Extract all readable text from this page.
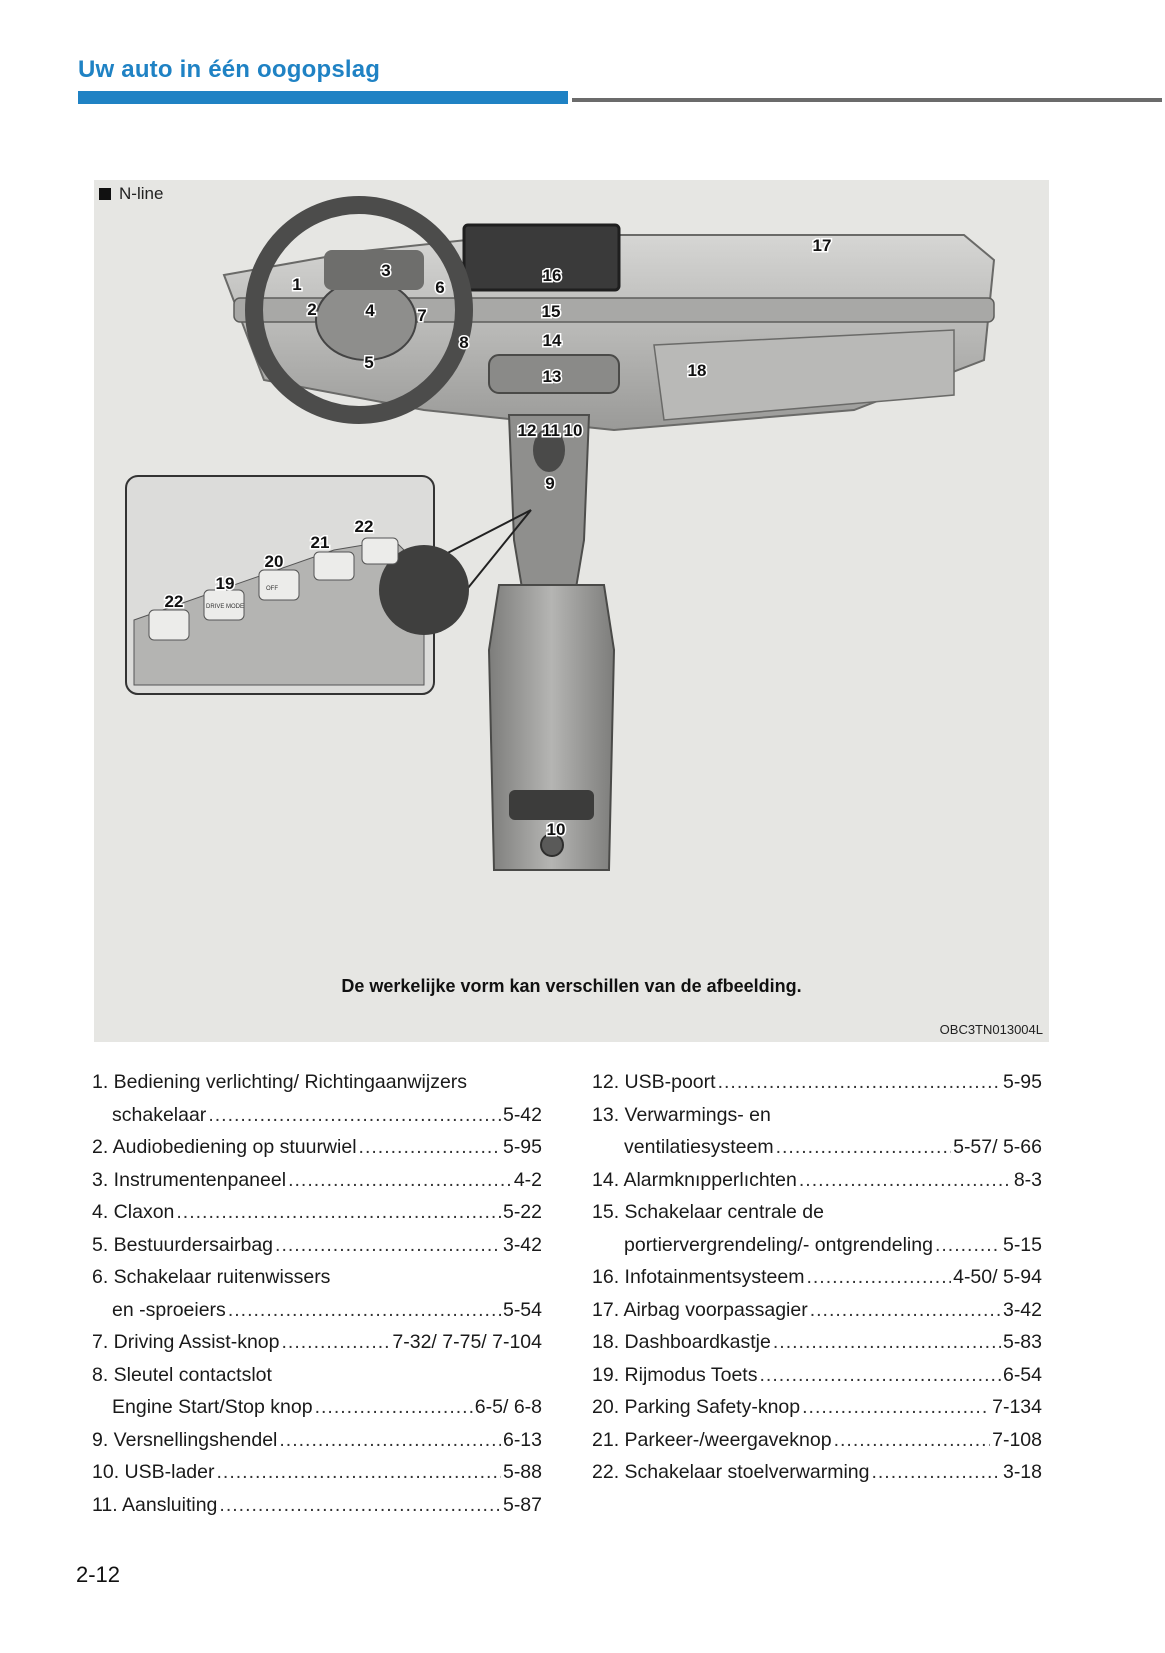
Uw auto in één oogopslag
N-line
DRIVE MODE
OFF
1
2
3
4
5
6
7
8
9
10
11
12
13
14
15
16
17
18
19
20
21
22
22
10
De werkelijke vorm kan verschillen van de afbeelding.
OBC3TN013004L
1. Bediening verlichting/ Richtingaanwijzers
schakelaar .....	5-42
2. Audiobediening op stuurwiel .....	5-95
3. Instrumentenpaneel .....	4-2
4. Claxon .....	5-22
5. Bestuurdersairbag .....	3-42
6. Schakelaar ruitenwissers
en -sproeiers .....	5-54
7. Driving Assist-knop .....	7-32/ 7-75/ 7-104
8. Sleutel contactslot
Engine Start/Stop knop .....	6-5/ 6-8
9. Versnellingshendel .....	6-13
10. USB-lader .....	5-88
11. Aansluiting .....	5-87
12. USB-poort .....	5-95
13. Verwarmings- en
ventilatiesysteem .....	5-57/ 5-66
14. Alarmknıpperlıchten .....	8-3
15. Schakelaar centrale de
portiervergrendeling/- ontgrendeling .....	5-15
16. Infotainmentsysteem .....	4-50/ 5-94
17. Airbag voorpassagier .....	3-42
18. Dashboardkastje .....	5-83
19. Rijmodus Toets .....	6-54
20. Parking Safety-knop .....	7-134
21. Parkeer-/weergaveknop .....	7-108
22. Schakelaar stoelverwarming .....	3-18
2-12
